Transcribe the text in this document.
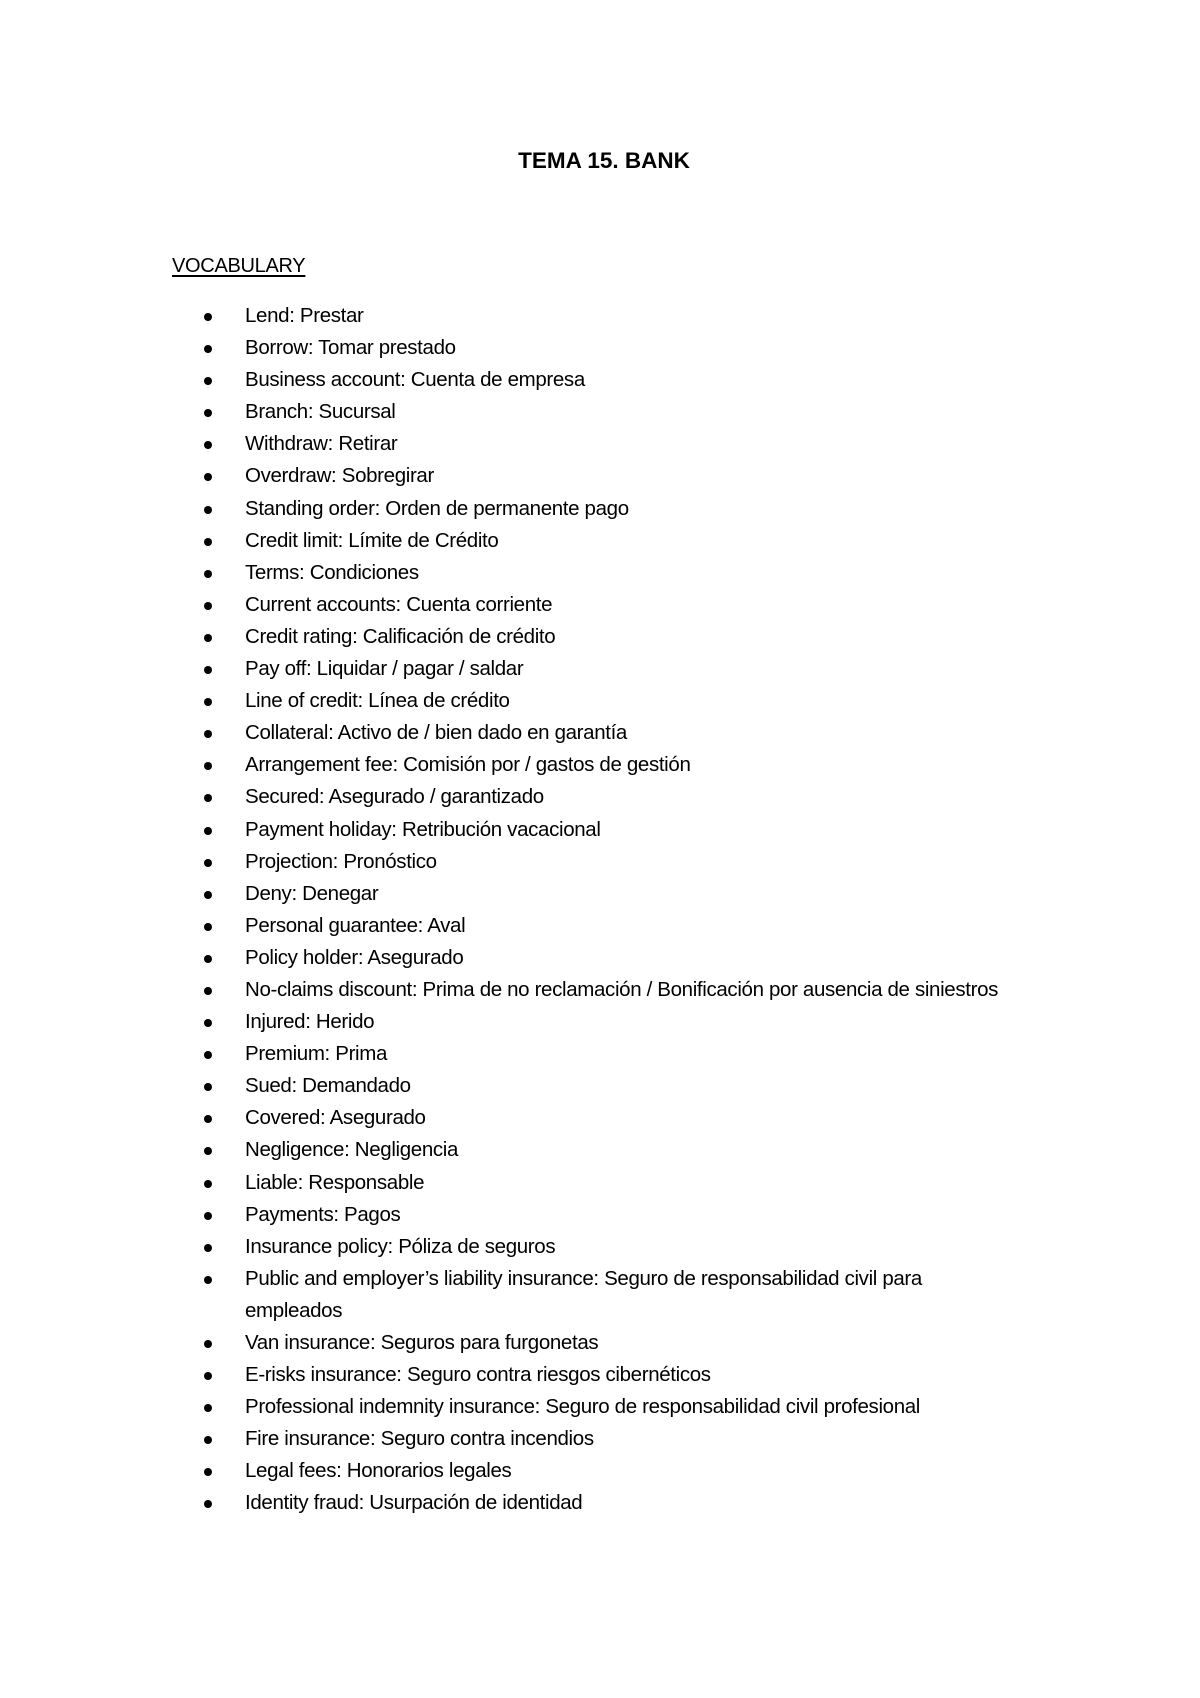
TEMA 15. BANK
VOCABULARY
Lend: Prestar
Borrow: Tomar prestado
Business account: Cuenta de empresa
Branch: Sucursal
Withdraw: Retirar
Overdraw: Sobregirar
Standing order: Orden de permanente pago
Credit limit: Límite de Crédito
Terms: Condiciones
Current accounts: Cuenta corriente
Credit rating: Calificación de crédito
Pay off: Liquidar / pagar / saldar
Line of credit: Línea de crédito
Collateral: Activo de / bien dado en garantía
Arrangement fee: Comisión por / gastos de gestión
Secured: Asegurado / garantizado
Payment holiday: Retribución vacacional
Projection: Pronóstico
Deny: Denegar
Personal guarantee: Aval
Policy holder: Asegurado
No-claims discount: Prima de no reclamación / Bonificación por ausencia de siniestros
Injured: Herido
Premium: Prima
Sued: Demandado
Covered: Asegurado
Negligence: Negligencia
Liable: Responsable
Payments: Pagos
Insurance policy: Póliza de seguros
Public and employer’s liability insurance: Seguro de responsabilidad civil para empleados
Van insurance: Seguros para furgonetas
E-risks insurance: Seguro contra riesgos cibernéticos
Professional indemnity insurance: Seguro de responsabilidad civil profesional
Fire insurance: Seguro contra incendios
Legal fees: Honorarios legales
Identity fraud: Usurpación de identidad
